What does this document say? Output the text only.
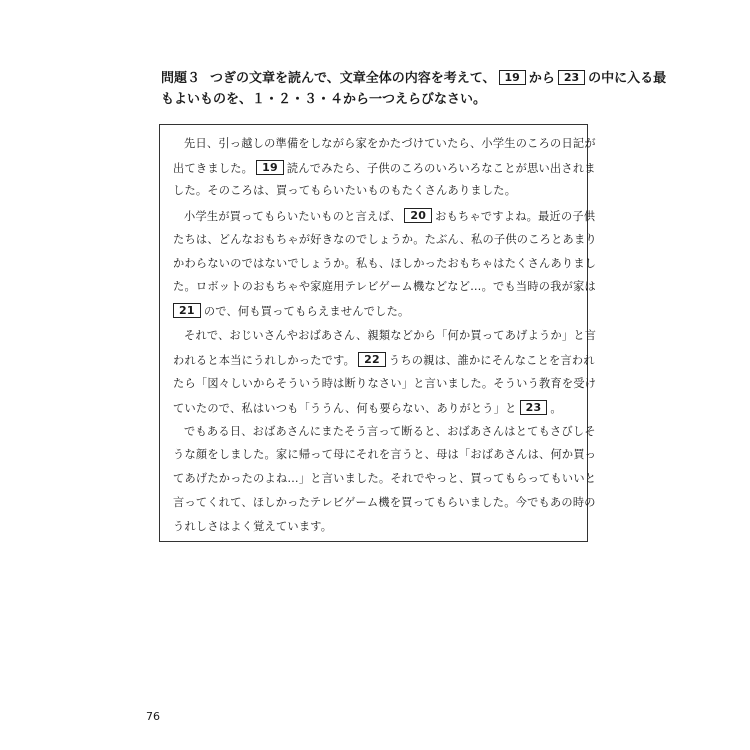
問題３ つぎの文章を読んで、文章全体の内容を考えて、 19 から 23 の中に入る最
もよいものを、１・２・３・４から一つえらびなさい。
先日、引っ越しの準備をしながら家をかたづけていたら、小学生のころの日記が
出てきました。 19 読んでみたら、子供のころのいろいろなことが思い出されま
した。そのころは、買ってもらいたいものもたくさんありました。
小学生が買ってもらいたいものと言えば、 20 おもちゃですよね。最近の子供
たちは、どんなおもちゃが好きなのでしょうか。たぶん、私の子供のころとあまり
かわらないのではないでしょうか。私も、ほしかったおもちゃはたくさんありまし
た。ロボットのおもちゃや家庭用テレビゲーム機などなど…。でも当時の我が家は
21 ので、何も買ってもらえませんでした。
それで、おじいさんやおばあさん、親類などから「何か買ってあげようか」と言
われると本当にうれしかったです。 22 うちの親は、誰かにそんなことを言われ
たら「図々しいからそういう時は断りなさい」と言いました。そういう教育を受け
ていたので、私はいつも「ううん、何も要らない、ありがとう」と 23 。
でもある日、おばあさんにまたそう言って断ると、おばあさんはとてもさびしそ
うな顔をしました。家に帰って母にそれを言うと、母は「おばあさんは、何か買っ
てあげたかったのよね…」と言いました。それでやっと、買ってもらってもいいと
言ってくれて、ほしかったテレビゲーム機を買ってもらいました。今でもあの時の
うれしさはよく覚えています。
76
